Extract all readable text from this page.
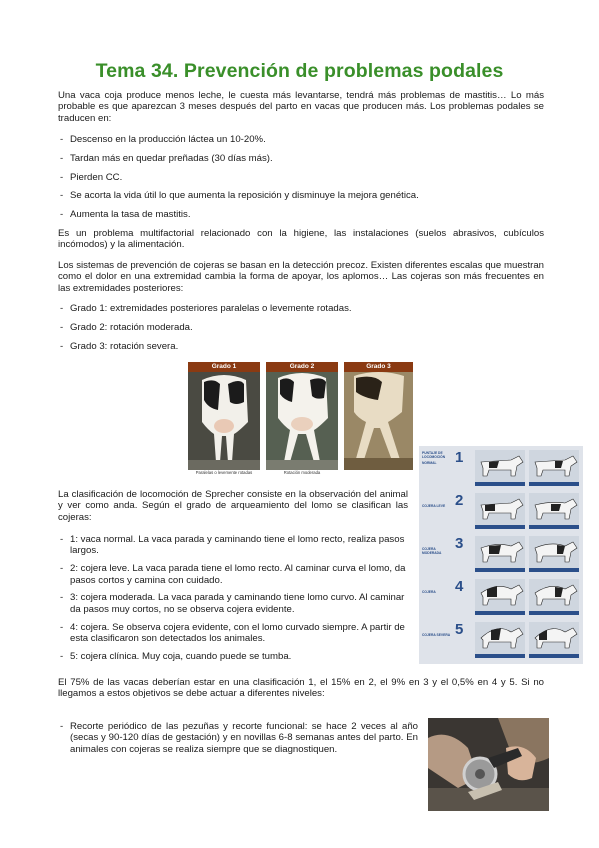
Tema 34. Prevención de problemas podales

Una vaca coja produce menos leche, le cuesta más levantarse, tendrá más problemas de mastitis… Lo más probable es que aparezcan 3 meses después del parto en vacas que producen más. Los problemas podales se traducen en:

- Descenso en la producción láctea un 10-20%.
- Tardan más en quedar preñadas (30 días más).
- Pierden CC.
- Se acorta la vida útil lo que aumenta la reposición y disminuye la mejora genética.
- Aumenta la tasa de mastitis.

Es un problema multifactorial relacionado con la higiene, las instalaciones (suelos abrasivos, cubículos incómodos) y la alimentación.

Los sistemas de prevención de cojeras se basan en la detección precoz. Existen diferentes escalas que muestran como el dolor en una extremidad cambia la forma de apoyar, los aplomos… Las cojeras son más frecuentes en las extremidades posteriores:

- Grado 1: extremidades posteriores paralelas o levemente rotadas.
- Grado 2: rotación moderada.
- Grado 3: rotación severa.
Grado 1	Grado 2	Grado 3
Paralelas o levemente rotadas	Rotación moderada
PUNTAJE DE LOCOMOCIÓN
NORMAL	1
COJERA LEVE 2
COJERA MODERADA
3
COJERA	4
COJERA SEVERA 5

La clasificación de locomoción de Sprecher consiste en la observación del animal y ver como anda. Según el grado de arqueamiento del lomo se clasifican las cojeras:

- 1: vaca normal. La vaca parada y caminando tiene el lomo recto, realiza pasos largos.
- 2: cojera leve. La vaca parada tiene el lomo recto. Al caminar curva el lomo, da pasos cortos y camina con cuidado.
- 3: cojera moderada. La vaca parada y caminando tiene lomo curvo. Al caminar da pasos muy cortos, no se observa cojera evidente.
- 4: cojera. Se observa cojera evidente, con el lomo curvado siempre. A partir de esta clasificaron son detectados los animales.
- 5: cojera clínica. Muy coja, cuando puede se tumba.

El 75% de las vacas deberían estar en una clasificación 1, el 15% en 2, el 9% en 3 y el 0,5% en 4 y 5. Si no llegamos a estos objetivos se debe actuar a diferentes niveles:

- Recorte periódico de las pezuñas y recorte funcional: se hace 2 veces al año (secas y 90-120 días de gestación) y en novillas 6-8 semanas antes del parto. En animales con cojeras se realiza siempre que se diagnostiquen.
